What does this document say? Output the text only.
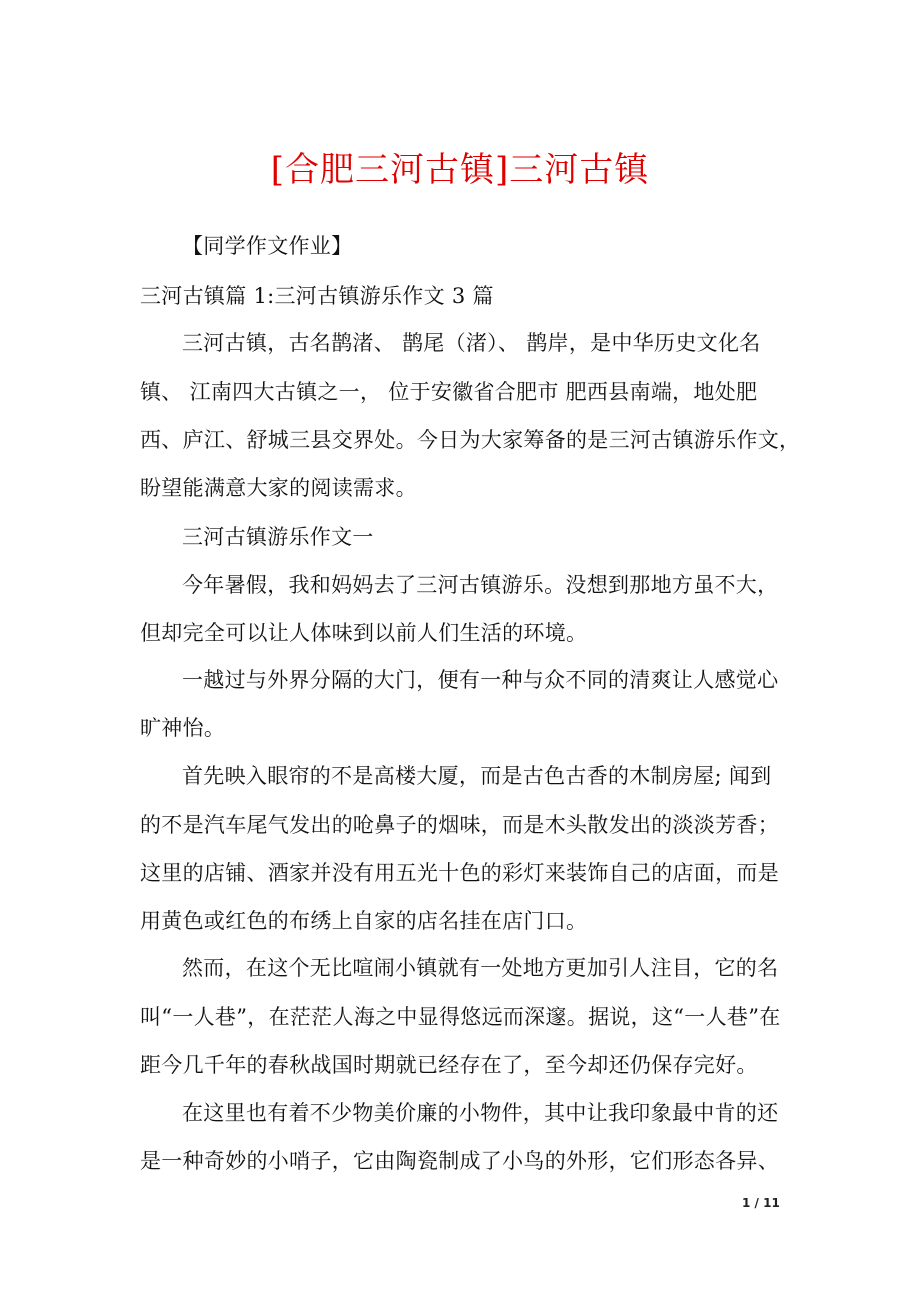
[合肥三河古镇]三河古镇
【同学作文作业】
三河古镇篇 1:三河古镇游乐作文 3 篇
三河古镇，古名鹊渚、 鹊尾（渚）、 鹊岸，是中华历史文化名
镇、 江南四大古镇之一， 位于安徽省合肥市 肥西县南端，地处肥
西、庐江、舒城三县交界处。今日为大家筹备的是三河古镇游乐作文，
盼望能满意大家的阅读需求。
三河古镇游乐作文一
今年暑假，我和妈妈去了三河古镇游乐。没想到那地方虽不大，
但却完全可以让人体味到以前人们生活的环境。
一越过与外界分隔的大门，便有一种与众不同的清爽让人感觉心
旷神怡。
首先映入眼帘的不是高楼大厦，而是古色古香的木制房屋; 闻到
的不是汽车尾气发出的呛鼻子的烟味，而是木头散发出的淡淡芳香；
这里的店铺、酒家并没有用五光十色的彩灯来装饰自己的店面，而是
用黄色或红色的布绣上自家的店名挂在店门口。
然而，在这个无比喧闹小镇就有一处地方更加引人注目，它的名
叫“一人巷”，在茫茫人海之中显得悠远而深邃。据说，这“一人巷”在
距今几千年的春秋战国时期就已经存在了，至今却还仍保存完好。
在这里也有着不少物美价廉的小物件，其中让我印象最中肯的还
是一种奇妙的小哨子，它由陶瓷制成了小鸟的外形，它们形态各异、
1 / 11
